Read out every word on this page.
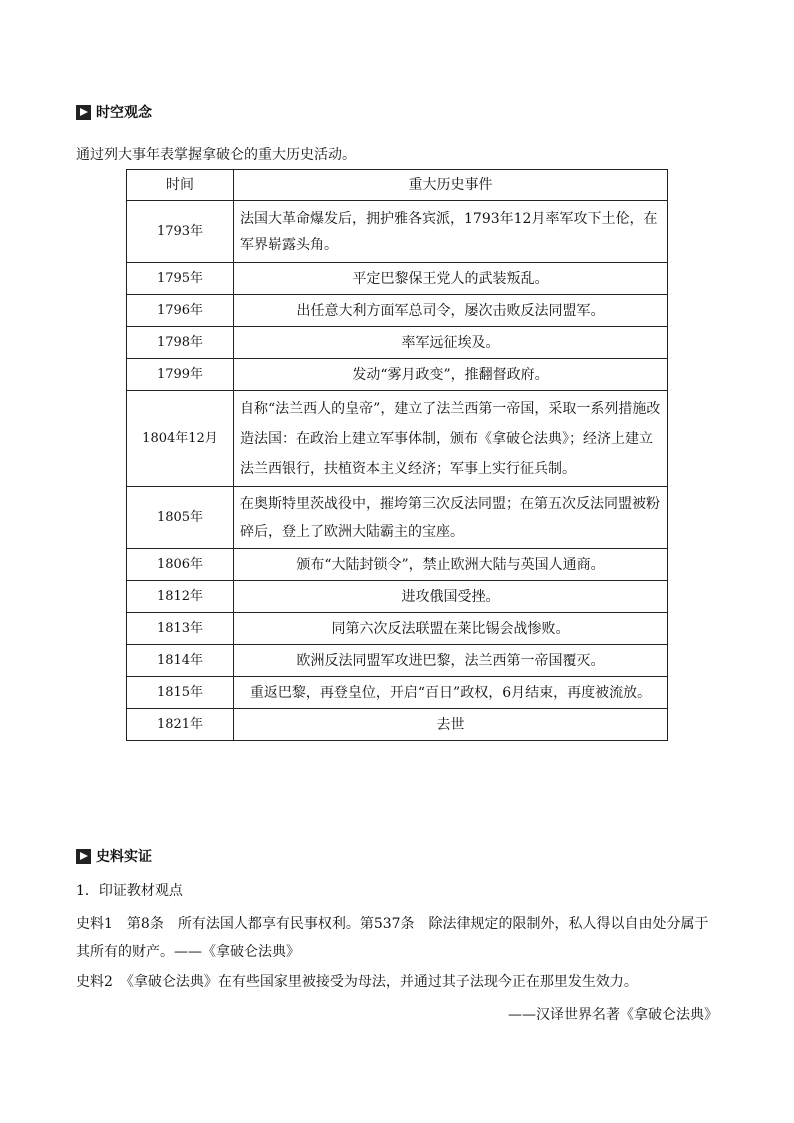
时空观念
通过列大事年表掌握拿破仑的重大历史活动。
时间	重大历史事件
1793年	法国大革命爆发后，拥护雅各宾派，1793年12月率军攻下土伦，在军界崭露头角。
1795年	平定巴黎保王党人的武装叛乱。
1796年	出任意大利方面军总司令，屡次击败反法同盟军。
1798年	率军远征埃及。
1799年	发动“雾月政变”，推翻督政府。
1804年12月	自称“法兰西人的皇帝”，建立了法兰西第一帝国，采取一系列措施改造法国：在政治上建立军事体制，颁布《拿破仑法典》；经济上建立法兰西银行，扶植资本主义经济；军事上实行征兵制。
1805年	在奥斯特里茨战役中，摧垮第三次反法同盟；在第五次反法同盟被粉碎后，登上了欧洲大陆霸主的宝座。
1806年	颁布“大陆封锁令”，禁止欧洲大陆与英国人通商。
1812年	进攻俄国受挫。
1813年	同第六次反法联盟在莱比锡会战惨败。
1814年	欧洲反法同盟军攻进巴黎，法兰西第一帝国覆灭。
1815年	重返巴黎，再登皇位，开启“百日”政权，6月结束，再度被流放。
1821年	去世
史料实证
1．印证教材观点
史料1　第8条　所有法国人都享有民事权利。第537条　除法律规定的限制外，私人得以自由处分属于其所有的财产。——《拿破仑法典》
史料2　《拿破仑法典》在有些国家里被接受为母法，并通过其子法现今正在那里发生效力。
——汉译世界名著《拿破仑法典》
